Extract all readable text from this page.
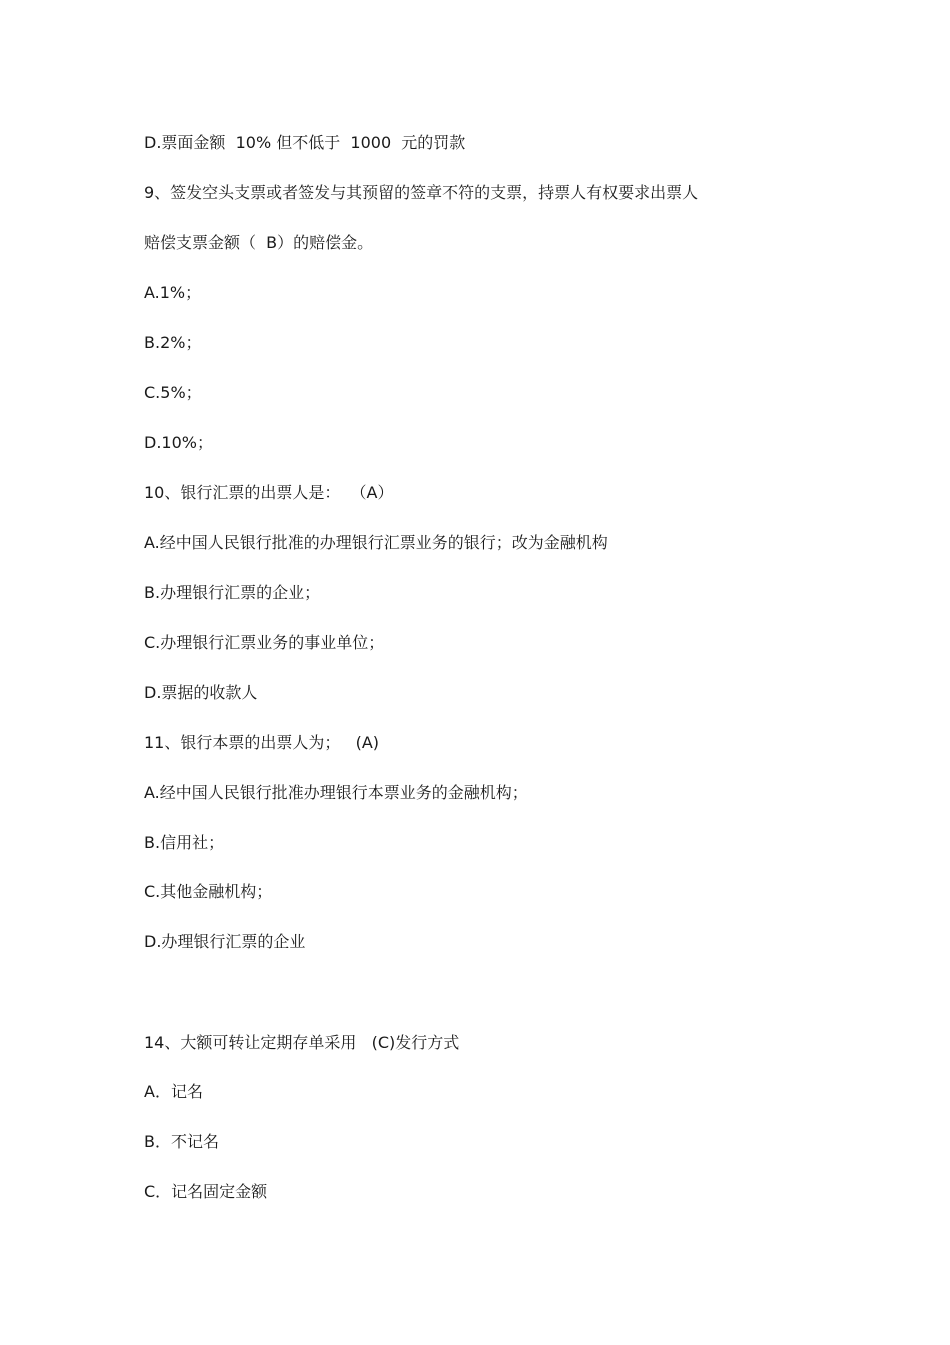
D.票面金额  10% 但不低于  1000  元的罚款
9、签发空头支票或者签发与其预留的签章不符的支票，持票人有权要求出票人
赔偿支票金额（  B）的赔偿金。
A.1%；
B.2%；
C.5%；
D.10%；
10、银行汇票的出票人是：  （A）
A.经中国人民银行批准的办理银行汇票业务的银行；改为金融机构
B.办理银行汇票的企业；
C.办理银行汇票业务的事业单位；
D.票据的收款人
11、银行本票的出票人为；   (A)
A.经中国人民银行批准办理银行本票业务的金融机构；
B.信用社；
C.其他金融机构；
D.办理银行汇票的企业
14、大额可转让定期存单采用   (C)发行方式
A．记名
B．不记名
C．记名固定金额
